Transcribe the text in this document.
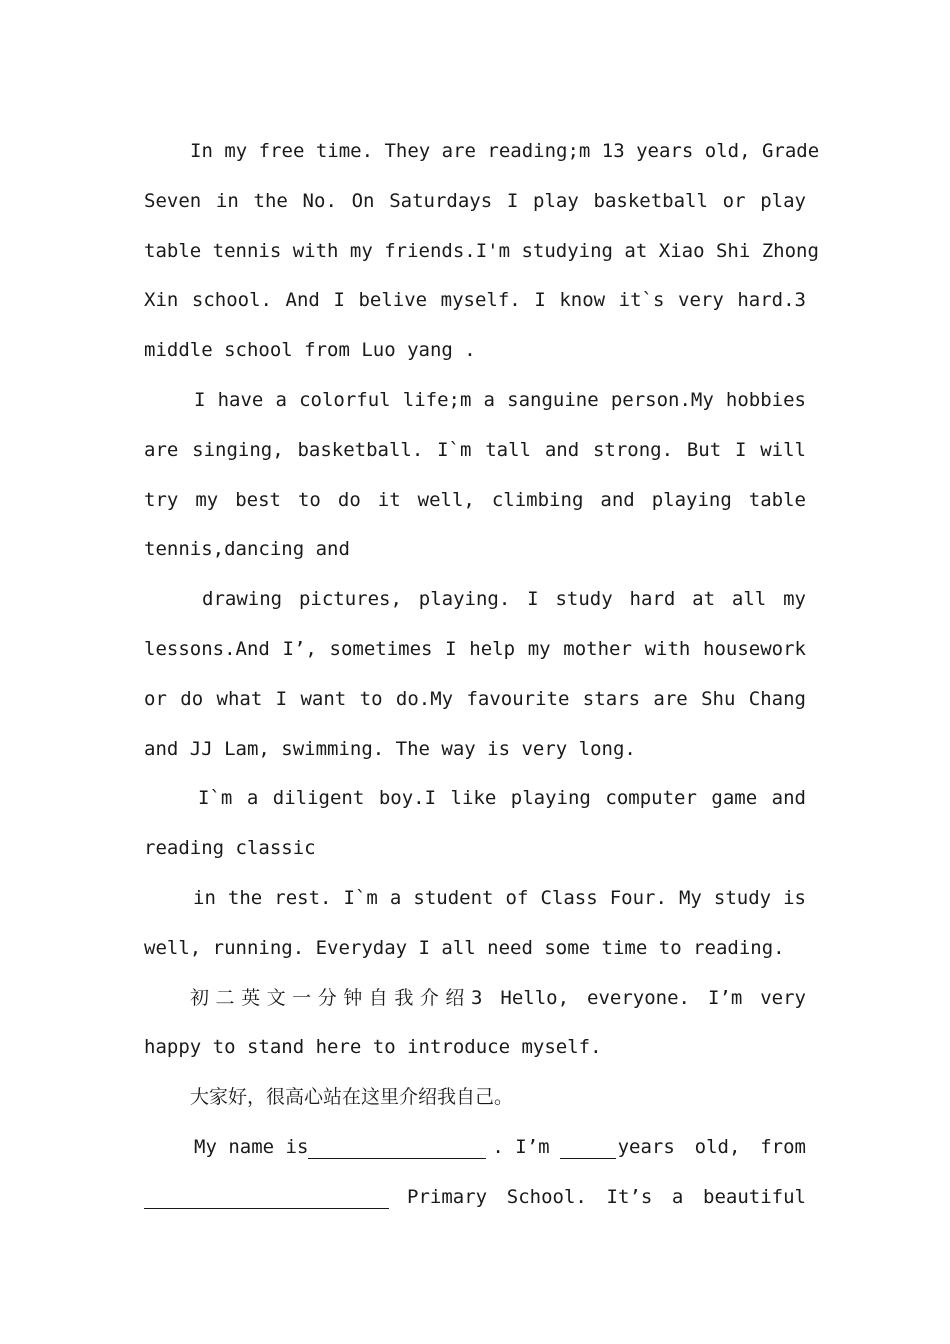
In my free time. They are reading;m 13 years old, Grade
Seven in the No. On Saturdays I play basketball or play
table tennis with my friends.I'm studying at Xiao Shi Zhong
Xin school. And I belive myself. I know it`s very hard.3
middle school from Luo yang .
I have a colorful life;m a sanguine person.My hobbies
are singing, basketball. I`m tall and strong. But I will
try my best to do it well, climbing and playing table
tennis,dancing and
drawing pictures, playing. I study hard at all my
lessons.And I’, sometimes I help my mother with housework
or do what I want to do.My favourite stars are Shu Chang
and JJ Lam, swimming. The way is very long.
I`m a diligent boy.I like playing computer game and
reading classic
in the rest. I`m a student of Class Four. My study is
well, running. Everyday I all need some time to reading.
初二英文一分钟自我介绍3 Hello, everyone. I’m very
happy to stand here to introduce myself.
大家好，很高心站在这里介绍我自己。
My name is	. I’m	years old, from
Primary School. It’s a beautiful
